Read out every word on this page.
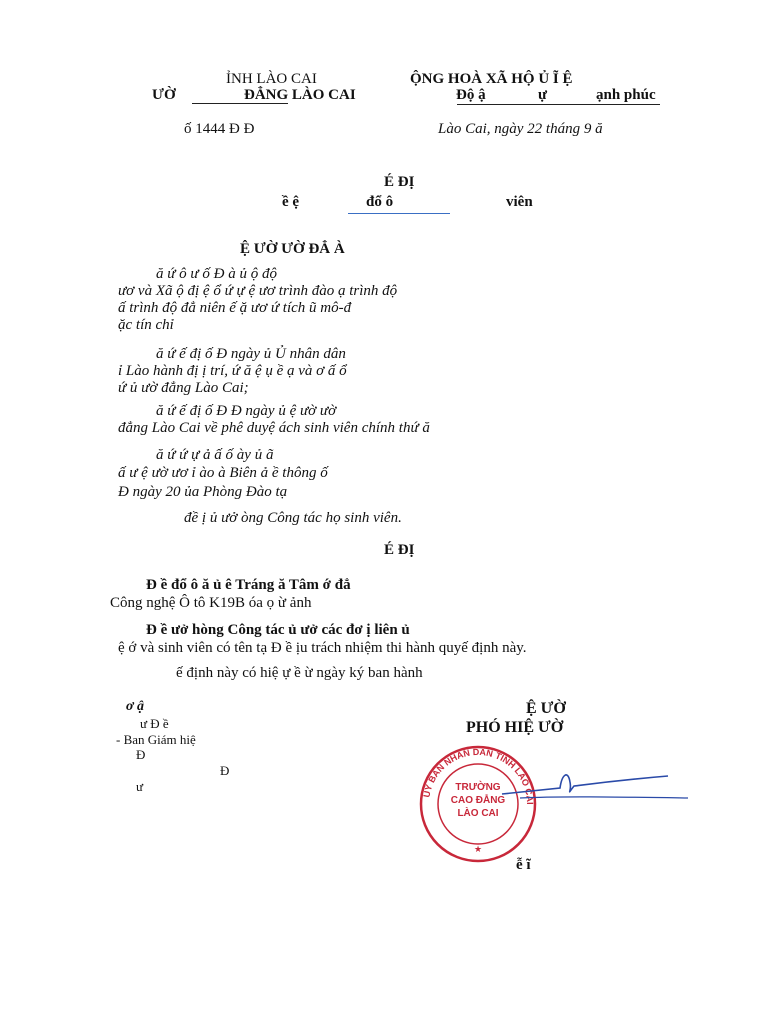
ỈNH LÀO CAI
ƯỜ	ĐẲNG LÀO CAI
ỘNG HOÀ XÃ HỘ Ủ Ĩ Ệ
Độ ậ	ự	ạnh phúc
ố 1444 Đ Đ	Lào Cai, ngày 22 tháng 9 ă
É ĐỊ
ề ệ	đổ ô	viên
Ệ ƯỜ ƯỜ ĐẲ À
ă ứ ô ư ố Đ à ủ ộ độ
ươ và Xã ộ đị ệ ổ ứ ự ệ ươ trình đào ạ trình độ
ấ trình độ đẳ niên ế ặ ươ ứ tích ũ mô-đ
ặc tín chỉ
ă ứ ế đị ố Đ ngày ủ Ủ nhân dân
ỉ Lào hành đị ị trí, ứ ă ệ ụ ề ạ và ơ ấ ổ
ứ ủ ườ đẳng Lào Cai;
ă ứ ế đị ố Đ Đ ngày ủ ệ ườ ườ
đẳng Lào Cai về phê duyệ ách sinh viên chính thứ ă
ă ứ ứ ự ả ấ ố ày ủ ã
ấ ư ệ ườ ươ ỉ ào à Biên ả ề thông ố
Đ ngày 20 ủa Phòng Đào tạ
đề ị ủ ưở òng Công tác họ sinh viên.
É ĐỊ
Đ ề đổ ô ă ủ ê Tráng ă Tâm ớ đẳ
Công nghệ Ô tô K19B óa ọ ừ ảnh
Đ ề ưở hòng Công tác ủ ưở các đơ ị liên ủ
ệ ớ và sinh viên có tên tạ Đ ề ịu trách nhiệm thi hành quyế định này.
ế định này có hiệ ự ề ừ ngày ký ban hành
ơ ậ
ư Đ ề
- Ban Giám hiệ
Đ
Đ
ư
Ệ ƯỜ
PHÓ HIỆ ƯỜ
ễ ĩ
UỶ BAN NHÂN DÂN TỈNH LÀO CAI
TRƯỜNG
CAO ĐẲNG
LÀO CAI
★
